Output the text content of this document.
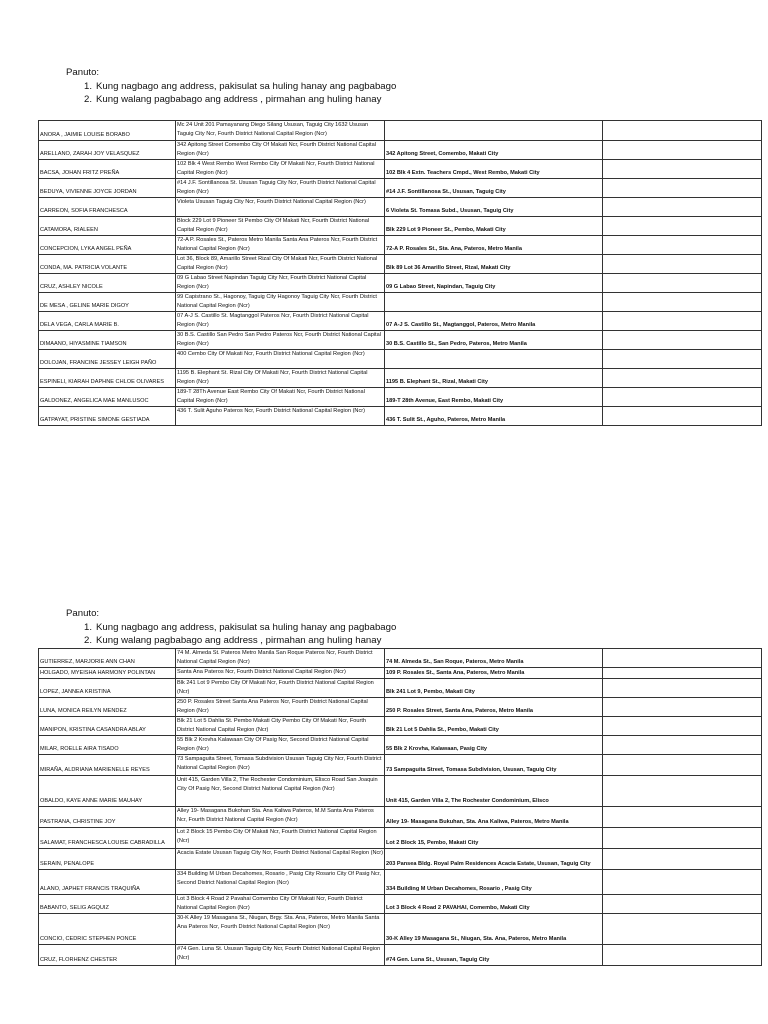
Panuto:

1. Kung nagbago ang address, pakisulat sa huling hanay ang pagbabago
2. Kung walang pagbabago ang address , pirmahan ang huling hanay
ANORA , JAIMIE LOUISE BORABO	Mc 24 Unit 201 Pamayanang Diego Silang Ususan, Taguig City 1632 Ususan Taguig City Ncr, Fourth District National Capital Region (Ncr)		
ARELLANO, ZARAH JOY VELASQUEZ	342 Apitong Street Comembo City Of Makati Ncr, Fourth District National Capital Region (Ncr)	342 Apitong Street, Comembo, Makati City	
BACSA, JOHAN FRITZ PREÑA	102 Blk 4 West Rembo West Rembo City Of Makati Ncr, Fourth District National Capital Region (Ncr)	102 Blk 4 Extn. Teachers Cmpd., West Rembo, Makati City	
BEDUYA, VIVIENNE JOYCE JORDAN	#14 J.F. Sontillanosa St. Ususan Taguig City Ncr, Fourth District National Capital Region (Ncr)	#14 J.F. Sontillanosa St., Ususan, Taguig City	
CARREON, SOFIA FRANCHESCA	Violeta Ususan Taguig City Ncr, Fourth District National Capital Region (Ncr)	6 Violeta St. Tomasa Subd., Ususan, Taguig City	
CATAMORA, RIALEEN	Block 229 Lot 9 Pioneer St Pembo City Of Makati Ncr, Fourth District National Capital Region (Ncr)	Blk 229 Lot 9 Pioneer St., Pembo, Makati City	
CONCEPCION, LYKA ANGEL PEÑA	72-A P. Rosales St., Pateros Metro Manila Santa Ana Pateros Ncr, Fourth District National Capital Region (Ncr)	72-A P. Rosales St., Sta. Ana, Pateros, Metro Manila	
CONDA, MA. PATRICIA VOLANTE	Lot 36, Block 89, Amarillo Street Rizal City Of Makati Ncr, Fourth District National Capital Region (Ncr)	Blk 89 Lot 36 Amarillo Street, Rizal, Makati City	
CRUZ, ASHLEY NICOLE	09 G Labao Street Napindan Taguig City Ncr, Fourth District National Capital Region (Ncr)	09 G Labao Street, Napindan, Taguig City	
DE MESA , GELINE MARIE DIGOY	99 Capistrano St., Hagonoy, Taguig City Hagonoy Taguig City Ncr, Fourth District National Capital Region (Ncr)		
DELA VEGA, CARLA MARIE B.	07 A-J S. Castillo St. Magtanggol Pateros Ncr, Fourth District National Capital Region (Ncr)	07 A-J S. Castillo St., Magtanggol, Pateros, Metro Manila	
DIMAANO, HIYASMINE TIAMSON	30 B.S. Castillo San Pedro San Pedro Pateros Ncr, Fourth District National Capital Region (Ncr)	30 B.S. Castillo St., San Pedro, Pateros, Metro Manila	
DOLOJAN, FRANCINE JESSEY LEIGH PAÑO	400 Cembo City Of Makati Ncr, Fourth District National Capital Region (Ncr)		
ESPINELI, KIARAH DAPHNE CHLOE OLIVARES	1195 B. Elephant St. Rizal City Of Makati Ncr, Fourth District National Capital Region (Ncr)	1195 B. Elephant St., Rizal, Makati City	
GALDONEZ, ANGELICA MAE MANLUSOC	189-T 28Th Avenue East Rembo City Of Makati Ncr, Fourth District National Capital Region (Ncr)	189-T 28th Avenue, East Rembo, Makati City	
GATPAYAT, PRISTINE SIMONE GESTIADA	436 T. Sulit Aguho Pateros Ncr, Fourth District National Capital Region (Ncr)	436 T. Sulit St., Aguho, Pateros, Metro Manila	

Panuto:

1. Kung nagbago ang address, pakisulat sa huling hanay ang pagbabago
2. Kung walang pagbabago ang address , pirmahan ang huling hanay
GUTIERREZ, MARJORIE ANN CHAN	74 M. Almeda St. Pateros Metro Manila San Roque Pateros Ncr, Fourth District National Capital Region (Ncr)	74 M. Almeda St., San Roque, Pateros, Metro Manila	
HOLGADO, MYEISHA HARMONY POLINTAN	Santa Ana Pateros Ncr, Fourth District National Capital Region (Ncr)	109 P. Rosales St., Santa Ana, Pateros, Metro Manila	
LOPEZ, JANNEA KRISTINA	Blk 241 Lot 9 Pembo City Of Makati Ncr, Fourth District National Capital Region (Ncr)	Blk 241 Lot 9, Pembo, Makati City	
LUNA, MONICA REILYN MENDEZ	250 P. Rosales Street Santa Ana Pateros Ncr, Fourth District National Capital Region (Ncr)	250 P. Rosales Street, Santa Ana, Pateros, Metro Manila	
MANIPON, KRISTINA CASANDRA ABLAY	Blk 21 Lot 5 Dahlia St. Pembo Makati City Pembo City Of Makati Ncr, Fourth District National Capital Region (Ncr)	Blk 21 Lot 5 Dahlia St., Pembo, Makati City	
MILAR, ROELLE AIRA TISADO	55 Blk 2 Krovha Kalawaan City Of Pasig Ncr, Second District National Capital Region (Ncr)	55 Blk 2 Krovha, Kalawaan, Pasig City	
MIRAÑA, ALDRIANA MARIENELLE REYES	73 Sampaguita Street, Tomasa Subdivision Ususan Taguig City Ncr, Fourth District National Capital Region (Ncr)	73 Sampaguita Street, Tomasa Subdivision, Ususan, Taguig City	
OBALDO, KAYE ANNE MARIE MAUHAY	Unit 415, Garden Villa 2, The Rochester Condominium, Elisco Road San Joaquin City Of Pasig Ncr, Second District National Capital Region (Ncr)	Unit 415, Garden Villa 2, The Rochester Condominium, Elisco	
PASTRANA, CHRISTINE JOY	Alley 19- Masagana Bukohan Sta. Ana Kaliwa Pateros, M.M Santa Ana Pateros Ncr, Fourth District National Capital Region (Ncr)	Alley 19- Masagana Bukuhan, Sta. Ana Kaliwa, Pateros, Metro Manila	
SALAMAT, FRANCHESCA LOUISE CABRADILLA	Lot 2 Block 15 Pembo City Of Makati Ncr, Fourth District National Capital Region (Ncr)	Lot 2 Block 15, Pembo, Makati City	
SERAIN, PENALOPE	Acacia Estate Ususan Taguig City Ncr, Fourth District National Capital Region (Ncr)	203 Pansea Bldg. Royal Palm Residences Acacia Estate, Ususan, Taguig City	
ALANO, JAPHET FRANCIS TRAQUIÑA	334 Building M Urban Decahomes, Rosario , Pasig City Rosario City Of Pasig Ncr, Second District National Capital Region (Ncr)	334 Building M Urban Decahomes, Rosario , Pasig City	
BABANTO, SELIG AGQUIZ	Lot 3 Block 4 Road 2 Pavahai Comembo City Of Makati Ncr, Fourth District National Capital Region (Ncr)	Lot 3 Block 4 Road 2 PAVAHAI, Comembo, Makati City	
CONCIO, CEDRIC STEPHEN PONCE	30-K Alley 19 Masagana St., Niugan, Brgy. Sta. Ana, Pateros, Metro Manila Santa Ana Pateros Ncr, Fourth District National Capital Region (Ncr)	30-K Alley 19 Masagana St., Niugan, Sta. Ana, Pateros, Metro Manila	
CRUZ, FLORHENZ CHESTER	#74 Gen. Luna St. Ususan Taguig City Ncr, Fourth District National Capital Region (Ncr)	#74 Gen. Luna St., Ususan, Taguig City	
